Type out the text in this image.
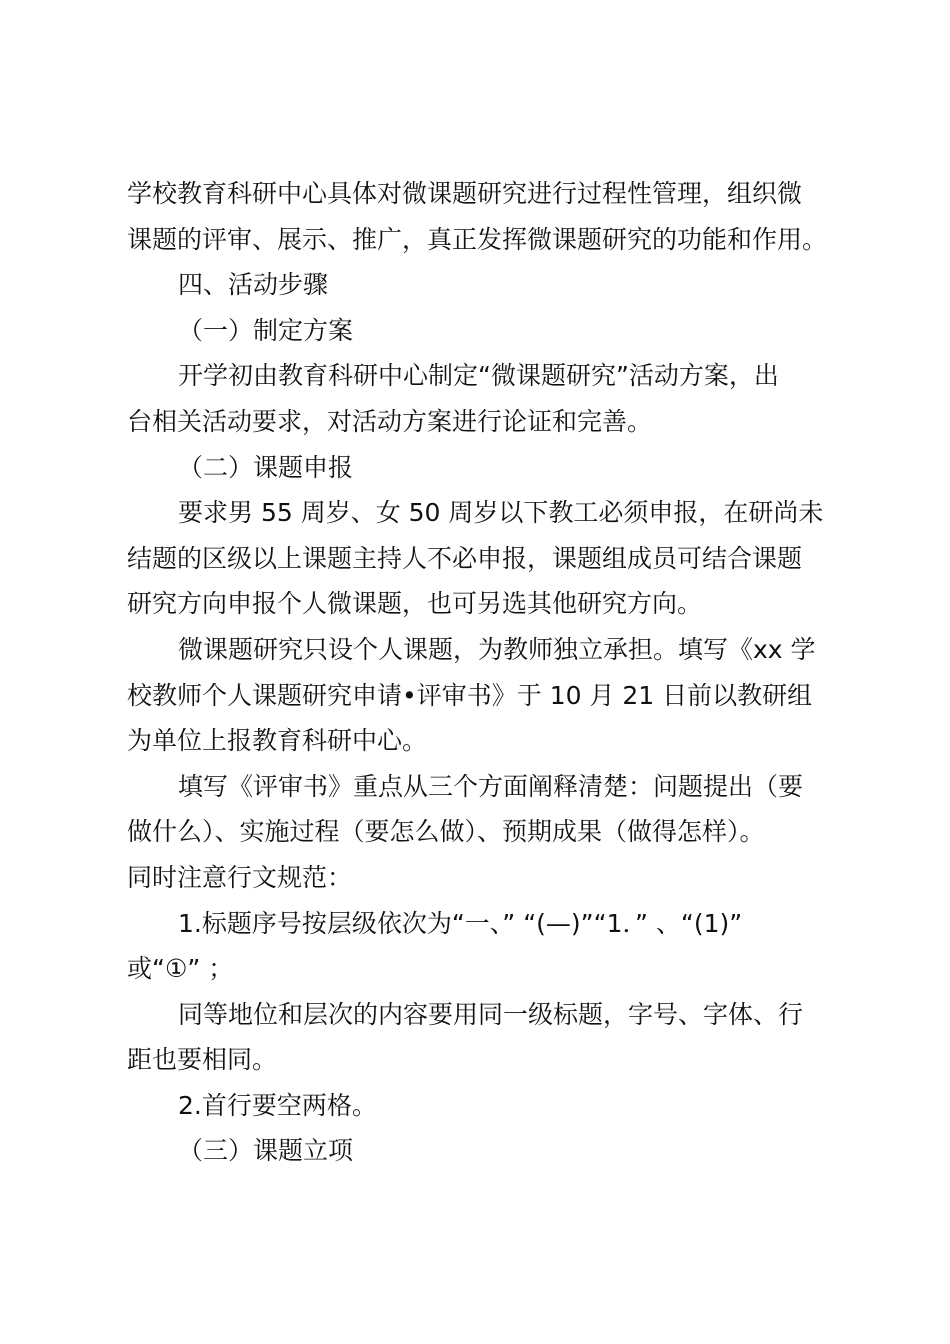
学校教育科研中心具体对微课题研究进行过程性管理，组织微
课题的评审、展示、推广，真正发挥微课题研究的功能和作用。

四、活动步骤

（一）制定方案

开学初由教育科研中心制定“微课题研究”活动方案，出
台相关活动要求，对活动方案进行论证和完善。

（二）课题申报

要求男 55 周岁、女 50 周岁以下教工必须申报，在研尚未
结题的区级以上课题主持人不必申报，课题组成员可结合课题
研究方向申报个人微课题，也可另选其他研究方向。

微课题研究只设个人课题，为教师独立承担。填写《xx 学
校教师个人课题研究申请•评审书》于 10 月 21 日前以教研组
为单位上报教育科研中心。

填写《评审书》重点从三个方面阐释清楚：问题提出（要
做什么）、实施过程（要怎么做）、预期成果（做得怎样）。
同时注意行文规范：

1.标题序号按层级依次为“一、” “(—)”“1．” 、“(1)”
或“①” ；

同等地位和层次的内容要用同一级标题，字号、字体、行
距也要相同。

2.首行要空两格。

（三）课题立项
